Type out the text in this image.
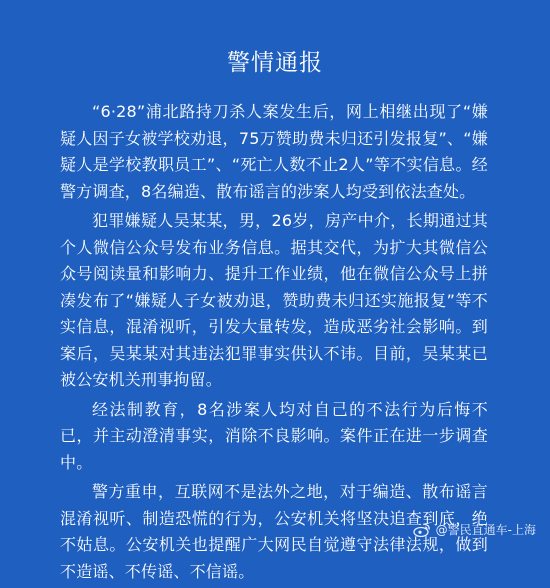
警情通报

“6·28”浦北路持刀杀人案发生后，网上相继出现了“嫌疑人因子女被学校劝退，75万赞助费未归还引发报复”、“嫌疑人是学校教职员工”、“死亡人数不止2人”等不实信息。经警方调查，8名编造、散布谣言的涉案人均受到依法查处。

犯罪嫌疑人吴某某，男，26岁，房产中介，长期通过其个人微信公众号发布业务信息。据其交代，为扩大其微信公众号阅读量和影响力、提升工作业绩，他在微信公众号上拼凑发布了“嫌疑人子女被劝退，赞助费未归还实施报复”等不实信息，混淆视听，引发大量转发，造成恶劣社会影响。到案后，吴某某对其违法犯罪事实供认不讳。目前，吴某某已被公安机关刑事拘留。

经法制教育，8名涉案人均对自己的不法行为后悔不已，并主动澄清事实，消除不良影响。案件正在进一步调查中。

警方重申，互联网不是法外之地，对于编造、散布谣言混淆视听、制造恐慌的行为，公安机关将坚决追查到底，绝不姑息。公安机关也提醒广大网民自觉遵守法律法规，做到不造谣、不传谣、不信谣。

@警民直通车-上海
